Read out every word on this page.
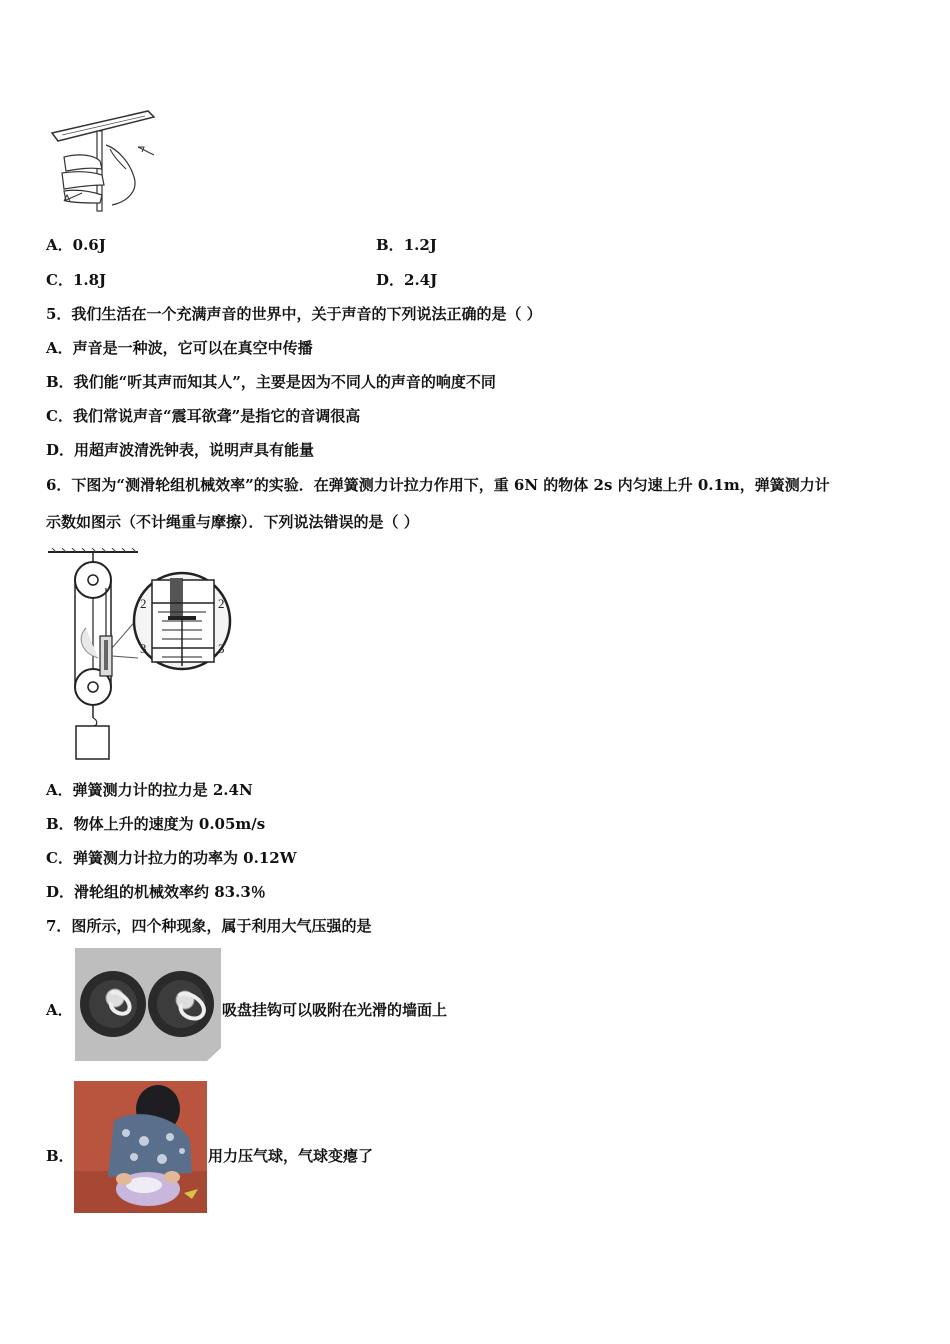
A．0.6J	B．1.2J
C．1.8J	D．2.4J
5．我们生活在一个充满声音的世界中，关于声音的下列说法正确的是（ ）
A．声音是一种波，它可以在真空中传播
B．我们能“听其声而知其人”，主要是因为不同人的声音的响度不同
C．我们常说声音“震耳欲聋”是指它的音调很高
D．用超声波清洗钟表，说明声具有能量
6．下图为“测滑轮组机械效率”的实验．在弹簧测力计拉力作用下，重 6N 的物体 2s 内匀速上升 0.1m，弹簧测力计
示数如图示（不计绳重与摩擦）．下列说法错误的是（ ）
2	2
3	3
A．弹簧测力计的拉力是 2.4N
B．物体上升的速度为 0.05m/s
C．弹簧测力计拉力的功率为 0.12W
D．滑轮组的机械效率约 83.3％
7．图所示，四个种现象，属于利用大气压强的是
A．	吸盘挂钩可以吸附在光滑的墙面上
B．	用力压气球，气球变瘪了
